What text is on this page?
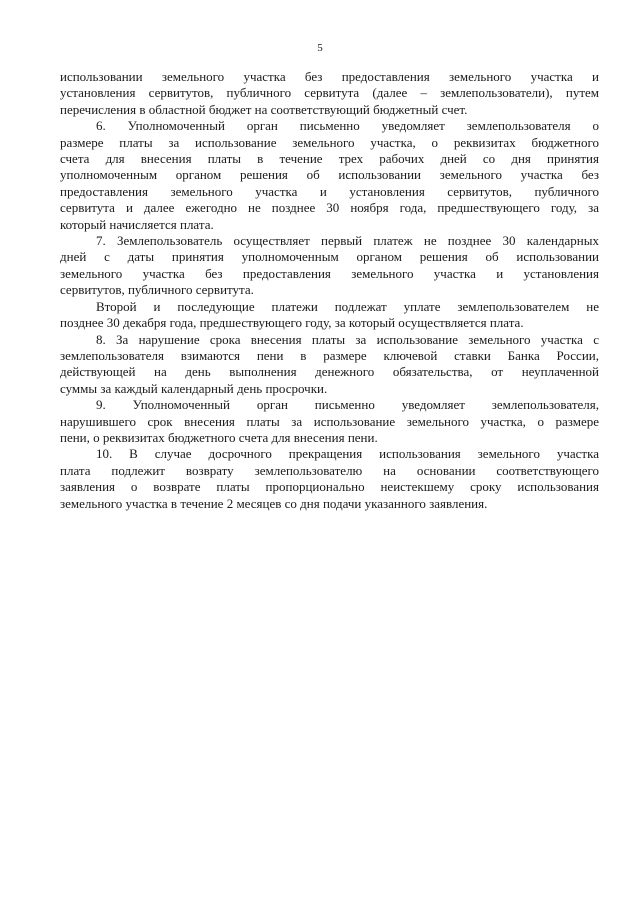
5
использовании земельного участка без предоставления земельного участка и
установления сервитутов, публичного сервитута (далее – землепользователи), путем
перечисления в областной бюджет на соответствующий бюджетный счет.
6. Уполномоченный орган письменно уведомляет землепользователя о
размере платы за использование земельного участка, о реквизитах бюджетного
счета для внесения платы в течение трех рабочих дней со дня принятия
уполномоченным органом решения об использовании земельного участка без
предоставления земельного участка и установления сервитутов, публичного
сервитута и далее ежегодно не позднее 30 ноября года, предшествующего году, за
который начисляется плата.
7. Землепользователь осуществляет первый платеж не позднее 30 календарных
дней с даты принятия уполномоченным органом решения об использовании
земельного участка без предоставления земельного участка и установления
сервитутов, публичного сервитута.
Второй и последующие платежи подлежат уплате землепользователем не
позднее 30 декабря года, предшествующего году, за который осуществляется плата.
8. За нарушение срока внесения платы за использование земельного участка с
землепользователя взимаются пени в размере ключевой ставки Банка России,
действующей на день выполнения денежного обязательства, от неуплаченной
суммы за каждый календарный день просрочки.
9. Уполномоченный орган письменно уведомляет землепользователя,
нарушившего срок внесения платы за использование земельного участка, о размере
пени, о реквизитах бюджетного счета для внесения пени.
10. В случае досрочного прекращения использования земельного участка
плата подлежит возврату землепользователю на основании соответствующего
заявления о возврате платы пропорционально неистекшему сроку использования
земельного участка в течение 2 месяцев со дня подачи указанного заявления.
